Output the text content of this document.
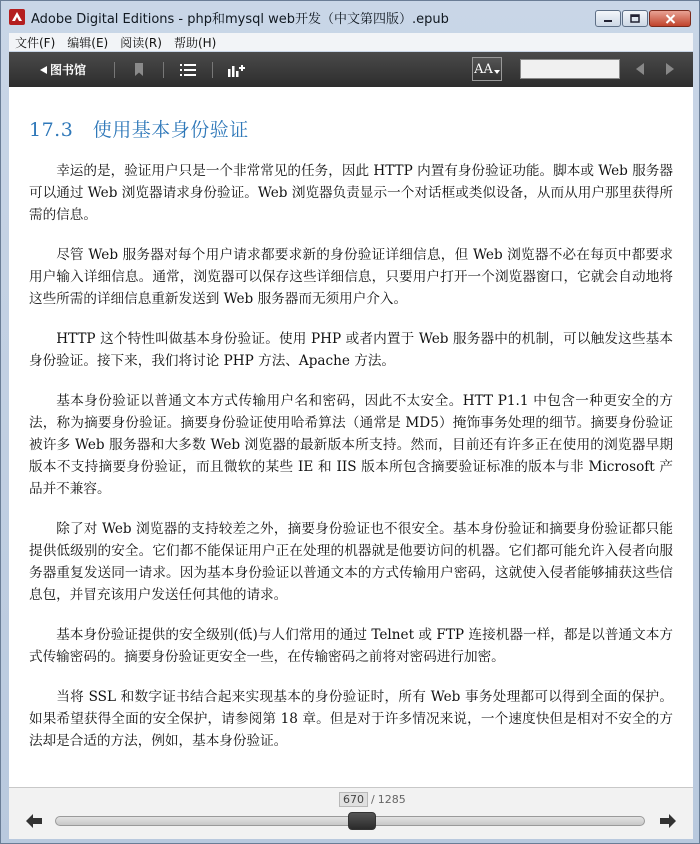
Adobe Digital Editions - php和mysql web开发（中文第四版）.epub
文件(F)	编辑(E)	阅读(R)	帮助(H)
图书馆	AA
17.3　使用基本身份验证

幸运的是，验证用户只是一个非常常见的任务，因此 HTTP 内置有身份验证功能。脚本或 Web 服务器可以通过 Web 浏览器请求身份验证。Web 浏览器负责显示一个对话框或类似设备，从而从用户那里获得所需的信息。

尽管 Web 服务器对每个用户请求都要求新的身份验证详细信息，但 Web 浏览器不必在每页中都要求用户输入详细信息。通常，浏览器可以保存这些详细信息，只要用户打开一个浏览器窗口，它就会自动地将这些所需的详细信息重新发送到 Web 服务器而无须用户介入。

HTTP 这个特性叫做基本身份验证。使用 PHP 或者内置于 Web 服务器中的机制，可以触发这些基本身份验证。接下来，我们将讨论 PHP 方法、Apache 方法。

基本身份验证以普通文本方式传输用户名和密码，因此不太安全。HTT P1.1 中包含一种更安全的方法，称为摘要身份验证。摘要身份验证使用哈希算法（通常是 MD5）掩饰事务处理的细节。摘要身份验证被许多 Web 服务器和大多数 Web 浏览器的最新版本所支持。然而，目前还有许多正在使用的浏览器早期版本不支持摘要身份验证，而且微软的某些 IE 和 IIS 版本所包含摘要验证标准的版本与非 Microsoft 产品并不兼容。

除了对 Web 浏览器的支持较差之外，摘要身份验证也不很安全。基本身份验证和摘要身份验证都只能提供低级别的安全。它们都不能保证用户正在处理的机器就是他要访问的机器。它们都可能允许入侵者向服务器重复发送同一请求。因为基本身份验证以普通文本的方式传输用户密码，这就使入侵者能够捕获这些信息包，并冒充该用户发送任何其他的请求。

基本身份验证提供的安全级别(低)与人们常用的通过 Telnet 或 FTP 连接机器一样，都是以普通文本方式传输密码的。摘要身份验证更安全一些，在传输密码之前将对密码进行加密。

当将 SSL 和数字证书结合起来实现基本的身份验证时，所有 Web 事务处理都可以得到全面的保护。如果希望获得全面的安全保护，请参阅第 18 章。但是对于许多情况来说，一个速度快但是相对不安全的方法却是合适的方法，例如，基本身份验证。

670 / 1285
